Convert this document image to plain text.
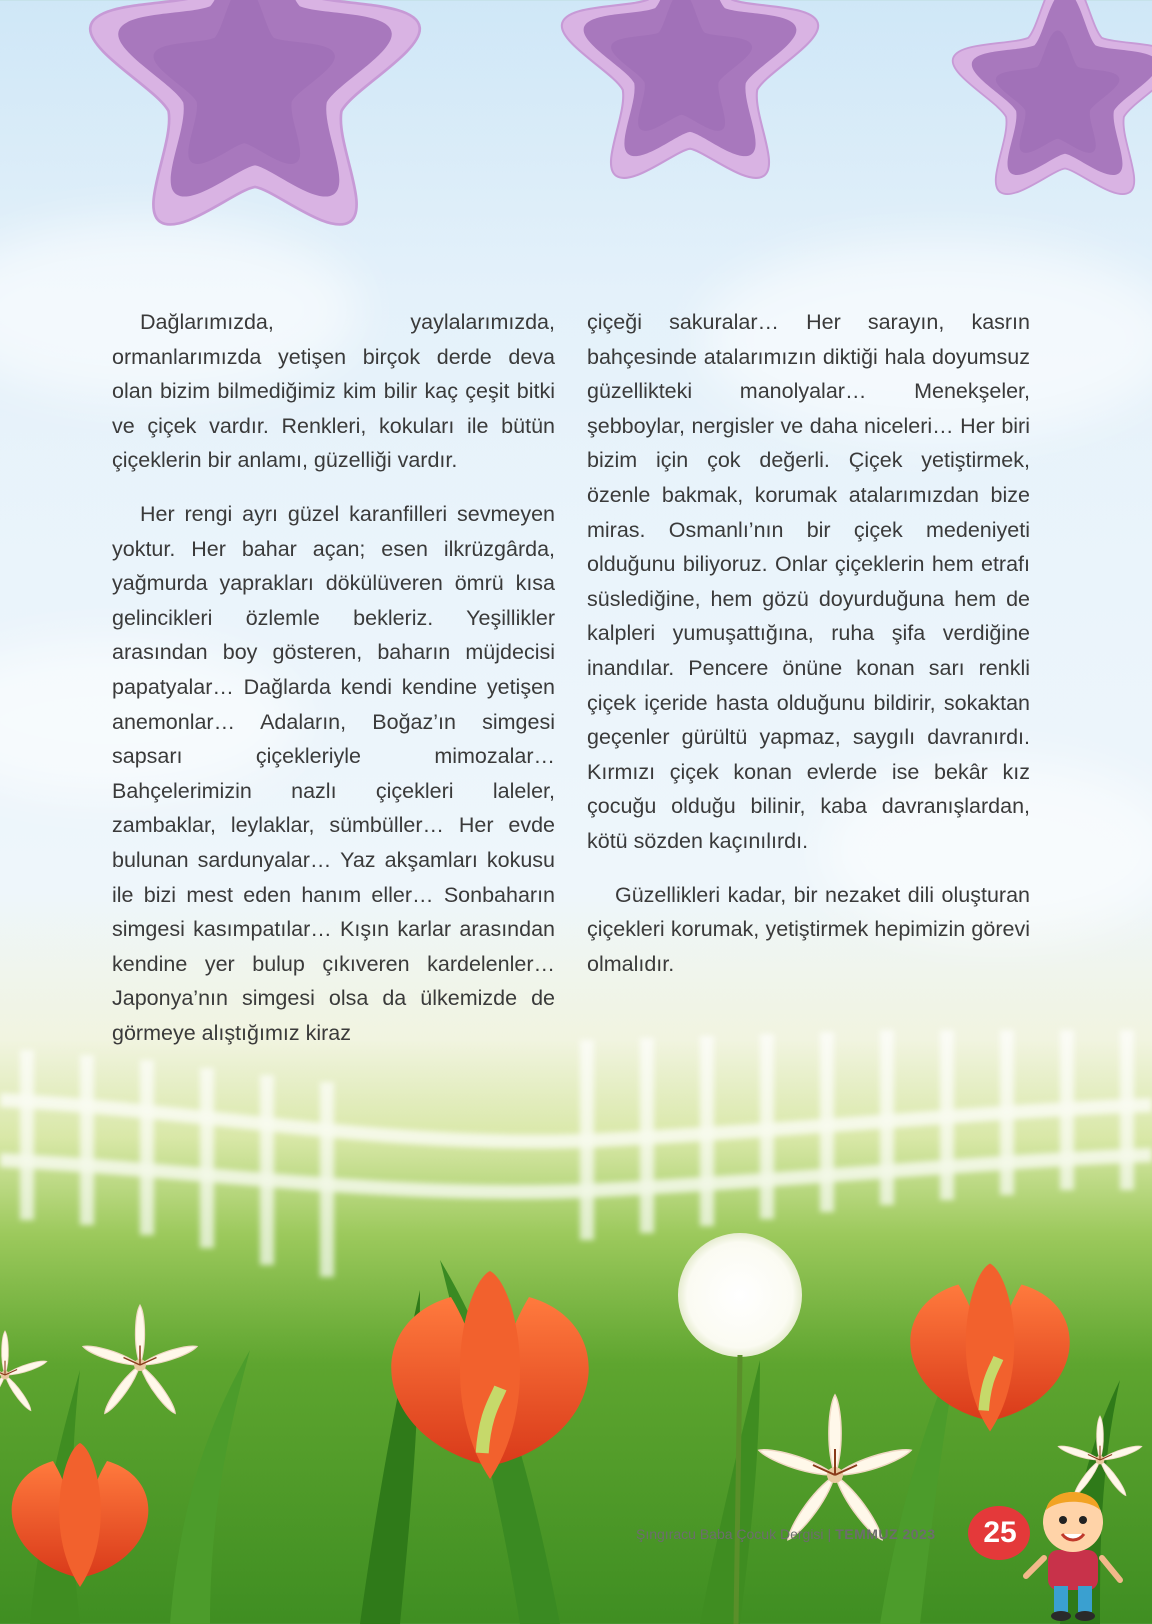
Dağlarımızda, yaylalarımızda, ormanlarımızda yetişen birçok derde deva olan bizim bilmediğimiz kim bilir kaç çeşit bitki ve çiçek vardır. Renkleri, kokuları ile bütün çiçeklerin bir anlamı, güzelliği vardır.

Her rengi ayrı güzel karanfilleri sevmeyen yoktur. Her bahar açan; esen ilkrüzgârda, yağmurda yaprakları dökülüveren ömrü kısa gelincikleri özlemle bekleriz. Yeşillikler arasından boy gösteren, baharın müjdecisi papatyalar… Dağlarda kendi kendine yetişen anemonlar… Adaların, Boğaz’ın simgesi sapsarı çiçekleriyle mimozalar… Bahçelerimizin nazlı çiçekleri laleler, zambaklar, leylaklar, sümbüller… Her evde bulunan sardunyalar… Yaz akşamları kokusu ile bizi mest eden hanım eller… Sonbaharın simgesi kasımpatılar… Kışın karlar arasından kendine yer bulup çıkıveren kardelenler… Japonya’nın simgesi olsa da ülkemizde de görmeye alıştığımız kiraz

çiçeği sakuralar… Her sarayın, kasrın bahçesinde atalarımızın diktiği hala doyumsuz güzellikteki manolyalar… Menekşeler, şebboylar, nergisler ve daha niceleri… Her biri bizim için çok değerli. Çiçek yetiştirmek, özenle bakmak, korumak atalarımızdan bize miras. Osmanlı’nın bir çiçek medeniyeti olduğunu biliyoruz. Onlar çiçeklerin hem etrafı süslediğine, hem gözü doyurduğuna hem de kalpleri yumuşattığına, ruha şifa verdiğine inandılar. Pencere önüne konan sarı renkli çiçek içeride hasta olduğunu bildirir, sokaktan geçenler gürültü yapmaz, saygılı davranırdı. Kırmızı çiçek konan evlerde ise bekâr kız çocuğu olduğu bilinir, kaba davranışlardan, kötü sözden kaçınılırdı.

Güzellikleri kadar, bir nezaket dili oluşturan çiçekleri korumak, yetiştirmek hepimizin görevi olmalıdır.

Şıngıracu Baba Çocuk Dergisi | TEMMUZ 2023	25
